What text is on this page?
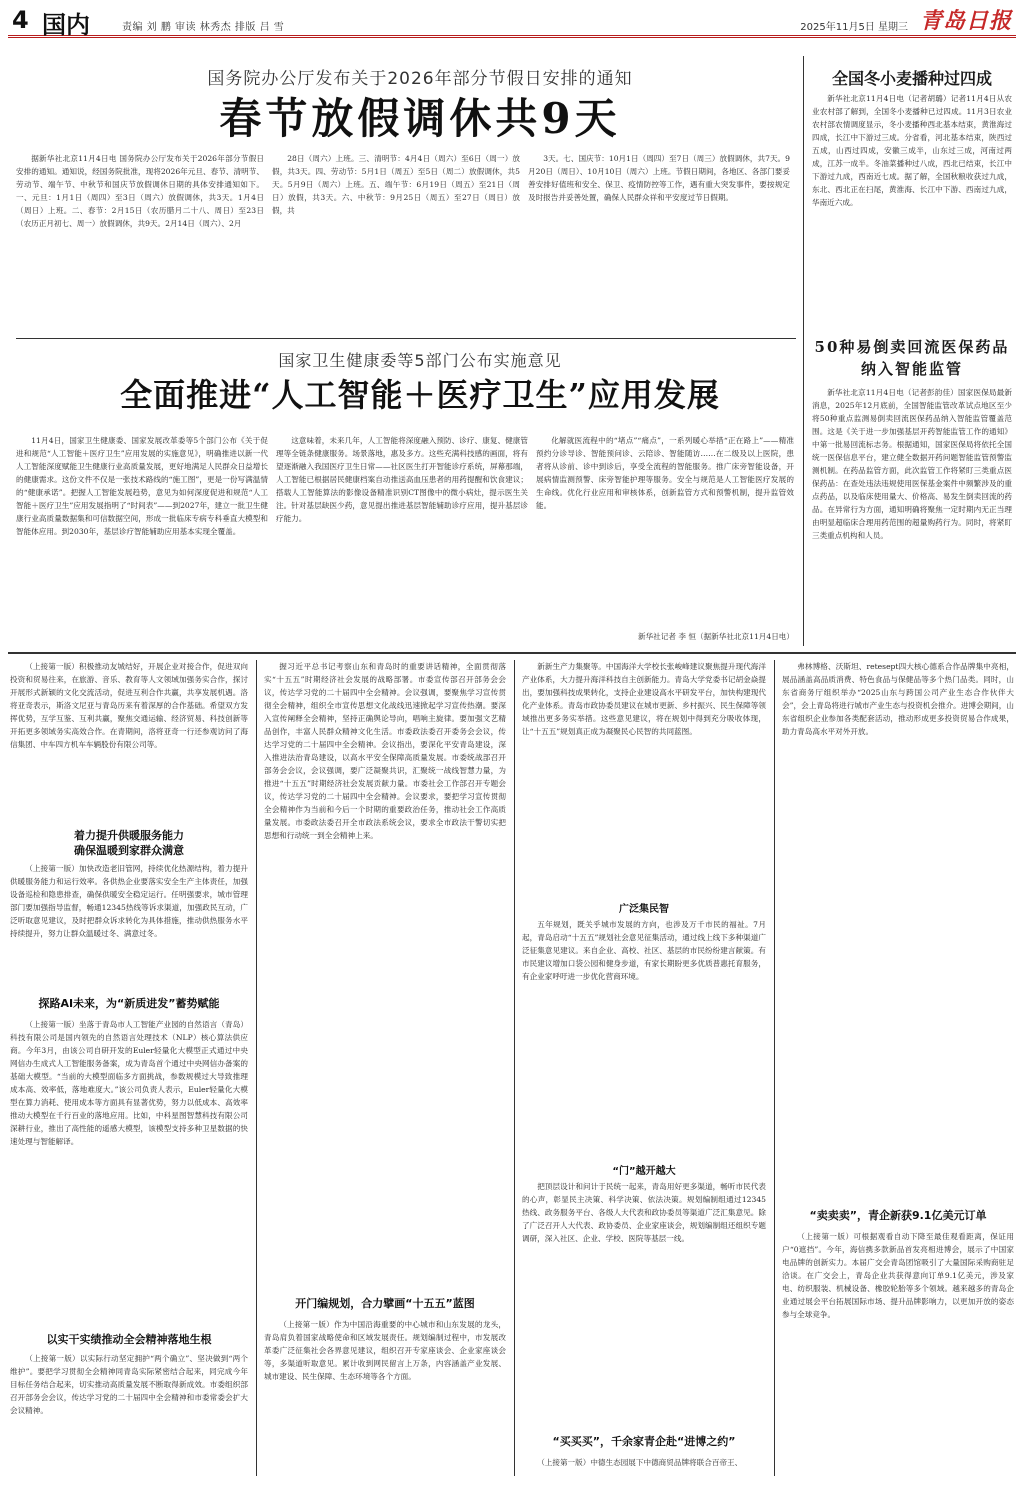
4 国内	责编 刘 鹏 审读 林秀杰 排版 吕 雪	2025年11月5日 星期三 青岛日报
国务院办公厅发布关于2026年部分节假日安排的通知
春节放假调休共9天

据新华社北京11月4日电 国务院办公厅发布关于2026年部分节假日安排的通知。通知说，经国务院批准，现将2026年元旦、春节、清明节、劳动节、端午节、中秋节和国庆节放假调休日期的具体安排通知如下。一、元旦：1月1日（周四）至3日（周六）放假调休，共3天。1月4日（周日）上班。二、春节：2月15日（农历腊月二十八、周日）至23日（农历正月初七、周一）放假调休，共9天。2月14日（周六）、2月

28日（周六）上班。三、清明节：4月4日（周六）至6日（周一）放假，共3天。四、劳动节：5月1日（周五）至5日（周二）放假调休，共5天。5月9日（周六）上班。五、端午节：6月19日（周五）至21日（周日）放假，共3天。六、中秋节：9月25日（周五）至27日（周日）放假，共

3天。七、国庆节：10月1日（周四）至7日（周三）放假调休，共7天。9月20日（周日）、10月10日（周六）上班。节假日期间，各地区、各部门要妥善安排好值班和安全、保卫、疫情防控等工作，遇有重大突发事件，要按规定及时报告并妥善处置，确保人民群众祥和平安度过节日假期。

国家卫生健康委等5部门公布实施意见
全面推进“人工智能＋医疗卫生”应用发展

11月4日，国家卫生健康委、国家发展改革委等5个部门公布《关于促进和规范“人工智能＋医疗卫生”应用发展的实施意见》，明确推进以新一代人工智能深度赋能卫生健康行业高质量发展，更好地满足人民群众日益增长的健康需求。这份文件不仅是一张技术路线的“施工图”，更是一份写满温情的“健康承诺”。把握人工智能发展趋势，意见为如何深度促进和规范“人工智能＋医疗卫生”应用发展指明了“时间表”——到2027年，建立一批卫生健康行业高质量数据集和可信数据空间，形成一批临床专病专科垂直大模型和智能体应用。到2030年，基层诊疗智能辅助应用基本实现全覆盖。

这意味着，未来几年，人工智能将深度融入预防、诊疗、康复、健康管理等全链条健康服务。场景落地，惠及多方。这些充满科技感的画面，将有望逐渐融入我国医疗卫生日常——社区医生打开智能诊疗系统，屏幕那端，人工智能已根据居民健康档案自动推送高血压患者的用药提醒和饮食建议；搭载人工智能算法的影像设备精准识别CT图像中的微小病灶，提示医生关注。针对基层缺医少药，意见提出推进基层智能辅助诊疗应用，提升基层诊疗能力。

化解就医流程中的“堵点”“痛点”，一系列暖心举措“正在路上”——精准预约分诊导诊、智能预问诊、云陪诊、智能随访……在二级及以上医院，患者将从诊前、诊中到诊后，享受全流程的智能服务。推广床旁智能设备，开展病情监测预警、床旁智能护理等服务。安全与规范是人工智能医疗发展的生命线。优化行业应用和审核体系，创新监管方式和预警机制，提升监管效能。

新华社记者 李 恒（据新华社北京11月4日电）
全国冬小麦播种过四成

新华社北京11月4日电（记者胡璐）记者11月4日从农业农村部了解到，全国冬小麦播种已过四成。11月3日农业农村部农情调度显示，冬小麦播种西北基本结束，黄淮海过四成，长江中下游过三成。分省看，河北基本结束，陕西过五成，山西过四成，安徽三成半，山东过三成，河南过两成，江苏一成半。冬油菜播种过八成，西北已结束，长江中下游过九成，西南近七成。据了解，全国秋粮收获过九成，东北、西北正在扫尾，黄淮海、长江中下游、西南过九成，华南近六成。

50种易倒卖回流医保药品纳入智能监管

新华社北京11月4日电（记者彭韵佳）国家医保局最新消息，2025年12月底前，全国智能监管改革试点地区至少将50种重点监测易倒卖回流医保药品纳入智能监管覆盖范围。这是《关于进一步加强基层开药智能监管工作的通知》中第一批易回流标志务。根据通知，国家医保局将依托全国统一医保信息平台，建立健全数据开药问题智能监管预警监测机制。在药品监管方面，此次监管工作将紧盯三类重点医保药品：在查处违法违规使用医保基金案件中频繁涉及的重点药品，以及临床使用量大、价格高、易发生倒卖回流的药品。在异常行为方面，通知明确将聚焦一定时期内无正当理由明显超临床合理用药范围的超量购药行为。同时，将紧盯三类重点机构和人员。

（上接第一版）积极推动友城结好，开展企业对接合作，促进双向投资和贸易往来，在旅游、音乐、教育等人文领域加强务实合作，探讨开展形式新颖的文化交流活动，促进互利合作共赢，共享发展机遇。洛将亚奇表示，斯洛文尼亚与青岛历来有着深厚的合作基础。希望双方发挥优势，互学互鉴、互利共赢，聚焦交通运输、经济贸易、科技创新等开拓更多领域务实高效合作。在青期间，洛将亚奇一行还参观访问了海信集团、中车四方机车车辆股份有限公司等。

着力提升供暖服务能力
确保温暖到家群众满意

（上接第一版）加快改造老旧管网，持续优化热源结构，着力提升供暖服务能力和运行效率。各供热企业要落实安全生产主体责任，加强设备巡检和隐患排查，确保供暖安全稳定运行。任明强要求，城市管理部门要加强指导监督，畅通12345热线等诉求渠道，加强政民互动，广泛听取意见建议，及时把群众诉求转化为具体措施，推动供热服务水平持续提升，努力让群众温暖过冬、满意过冬。

探路AI未来，为“新质进发”蓄势赋能

（上接第一版）坐落于青岛市人工智能产业园的自然语言（青岛）科技有限公司是国内领先的自然语言处理技术（NLP）核心算法供应商。今年3月，由该公司自研开发的Euler轻量化大模型正式通过中央网信办生成式人工智能服务备案，成为青岛首个通过中央网信办备案的基础大模型。“当前的大模型面临多方面挑战，参数规模过大导致推理成本高、效率低，落地难度大。”该公司负责人表示，Euler轻量化大模型在算力消耗、使用成本等方面具有显著优势，努力以低成本、高效率推动大模型在千行百业的落地应用。比如，中科星图智慧科技有限公司深耕行业，推出了高性能的遥感大模型，该模型支持多种卫星数据的快速处理与智能解译。

以实干实绩推动全会精神落地生根

（上接第一版）以实际行动坚定拥护“两个确立”、坚决做到“两个维护”。要把学习贯彻全会精神同青岛实际紧密结合起来，同完成今年目标任务结合起来，切实推动高质量发展不断取得新成效。市委组织部召开部务会会议，传达学习党的二十届四中全会精神和市委常委会扩大会议精神。

握习近平总书记考察山东和青岛时的重要讲话精神，全面贯彻落实“十五五”时期经济社会发展的战略部署。市委宣传部召开部务会会议，传达学习党的二十届四中全会精神。会议强调，要聚焦学习宣传贯彻全会精神，组织全市宣传思想文化战线迅速掀起学习宣传热潮。要深入宣传阐释全会精神，坚持正确舆论导向，唱响主旋律。要加强文艺精品创作，丰富人民群众精神文化生活。市委政法委召开委务会会议，传达学习党的二十届四中全会精神。会议指出，要深化平安青岛建设，深入推进法治青岛建设，以高水平安全保障高质量发展。市委统战部召开部务会会议，会议强调，要广泛凝聚共识，汇聚统一战线智慧力量，为推进“十五五”时期经济社会发展贡献力量。市委社会工作部召开专题会议，传达学习党的二十届四中全会精神。会议要求，要把学习宣传贯彻全会精神作为当前和今后一个时期的重要政治任务，推动社会工作高质量发展。市委政法委召开全市政法系统会议，要求全市政法干警切实把思想和行动统一到全会精神上来。

开门编规划，合力擘画“十五五”蓝图

（上接第一版）作为中国沿海重要的中心城市和山东发展的龙头，青岛肩负着国家战略使命和区域发展责任。规划编制过程中，市发展改革委广泛征集社会各界意见建议，组织召开专家座谈会、企业家座谈会等，多渠道听取意见。累计收到网民留言上万条，内容涵盖产业发展、城市建设、民生保障、生态环境等各个方面。

新新生产力集聚等。中国海洋大学校长张峻峰建议聚焦提升现代海洋产业体系，大力提升海洋科技自主创新能力。青岛大学党委书记胡金焱提出，要加强科技成果转化，支持企业建设高水平研发平台，加快构建现代化产业体系。青岛市政协委员建议在城市更新、乡村振兴、民生保障等领域推出更多务实举措。这些意见建议，将在规划中得到充分吸收体现，让“十五五”规划真正成为凝聚民心民智的共同蓝图。

广泛集民智

五年规划，既关乎城市发展的方向，也涉及万千市民的福祉。7月起，青岛启动“十五五”规划社会意见征集活动，通过线上线下多种渠道广泛征集意见建议。来自企业、高校、社区、基层的市民纷纷建言献策。有市民建议增加口袋公园和健身步道，有家长期盼更多优质普惠托育服务，有企业家呼吁进一步优化营商环境。

“门”越开越大

把顶层设计和问计于民统一起来，青岛用好更多渠道，畅听市民代表的心声，彰显民主决策、科学决策、依法决策。规划编制组通过12345热线、政务服务平台、各级人大代表和政协委员等渠道广泛汇集意见。除了广泛召开人大代表、政协委员、企业家座谈会，规划编制组还组织专题调研，深入社区、企业、学校、医院等基层一线。

“买买买”，千余家青企赴“进博之约”

（上接第一版）中德生态园展下中德商贸品牌将联合百帝王、

弗林博格、沃斯坦、retesept四大核心德系合作品牌集中亮相，展品涵盖高品质消费、特色食品与保健品等多个热门品类。同时，山东省商务厅组织举办“2025山东与跨国公司产业生态合作伙伴大会”，会上青岛将进行城市产业生态与投资机会推介。进博会期间，山东省组织企业参加各类配套活动，推动形成更多投资贸易合作成果，助力青岛高水平对外开放。

“卖卖卖”，青企新获9.1亿美元订单

（上接第一版）可根据观看自动下降至最佳观看距离，保证用户“0遮挡”。今年，海信携多款新品首发亮相进博会，展示了中国家电品牌的创新实力。本届广交会青岛团馆吸引了大量国际采购商驻足洽谈。在广交会上，青岛企业共获得意向订单9.1亿美元，涉及家电、纺织服装、机械设备、橡胶轮胎等多个领域。越来越多的青岛企业通过展会平台拓展国际市场、提升品牌影响力，以更加开放的姿态参与全球竞争。
